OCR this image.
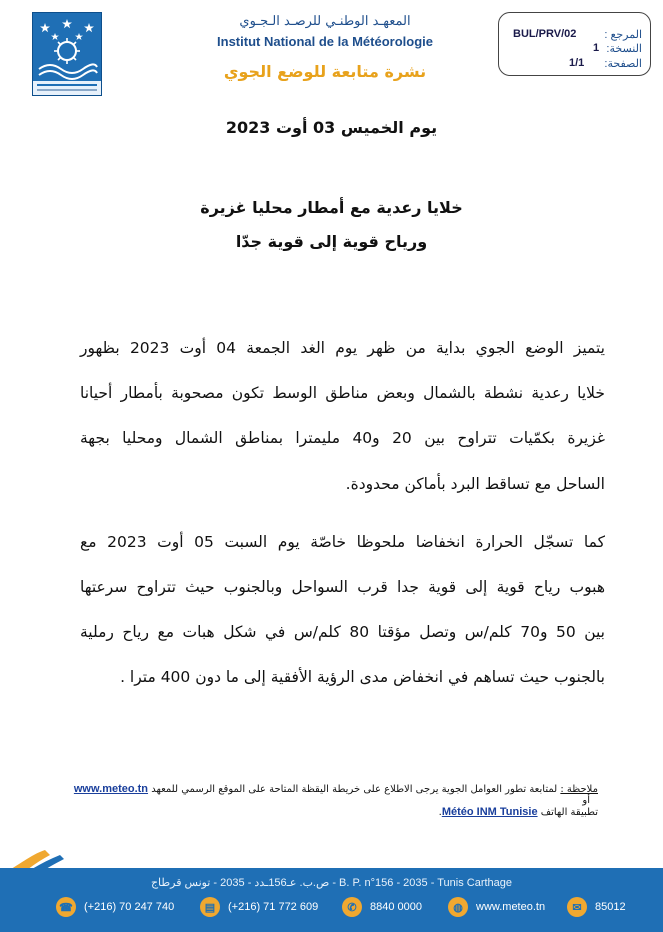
المعهـد الوطنـي للرصـد الـجـوي
Institut National de la Météorologie
نشرة متابعة للوضع الجوي
المرجع :
BUL/PRV/02
النسخة:
1
الصفحة:
1/1
يوم الخميس 03 أوت 2023
خلايا رعدية مع أمطار محليا غزيرة
ورياح قوية إلى قوية جدّا
يتميز الوضع الجوي بداية من ظهر يوم الغد الجمعة 04 أوت 2023 بظهور
خلايا رعدية نشطة بالشمال وبعض مناطق الوسط تكون مصحوبة بأمطار أحيانا
غزيرة بكمّيات تتراوح بين 20 و40 مليمترا بمناطق الشمال ومحليا بجهة
الساحل مع تساقط البرد بأماكن محدودة.
كما تسجّل الحرارة انخفاضا ملحوظا خاصّة يوم السبت 05 أوت 2023 مع
هبوب رياح قوية إلى قوية جدا قرب السواحل وبالجنوب حيث تتراوح سرعتها
بين 50 و70 كلم/س وتصل مؤقتا 80 كلم/س في شكل هبات مع رياح رملية
بالجنوب حيث تساهم في انخفاض مدى الرؤية الأفقية إلى ما دون 400 مترا .
ملاحظة : لمتابعة تطور العوامل الجوية يرجى الاطلاع على خريطة اليقظة المتاحة على الموقع الرسمي للمعهد www.meteo.tn أو
تطبيقة الهاتف Météo INM Tunisie.
ص.ب. عـ156ـدد - 2035 - تونس قرطاج - B. P. n°156 - 2035 - Tunis Carthage
☎ (+216) 70 247 740	▤	(+216) 71 772 609	✆	8840 0000	◍	www.meteo.tn	✉	85012
